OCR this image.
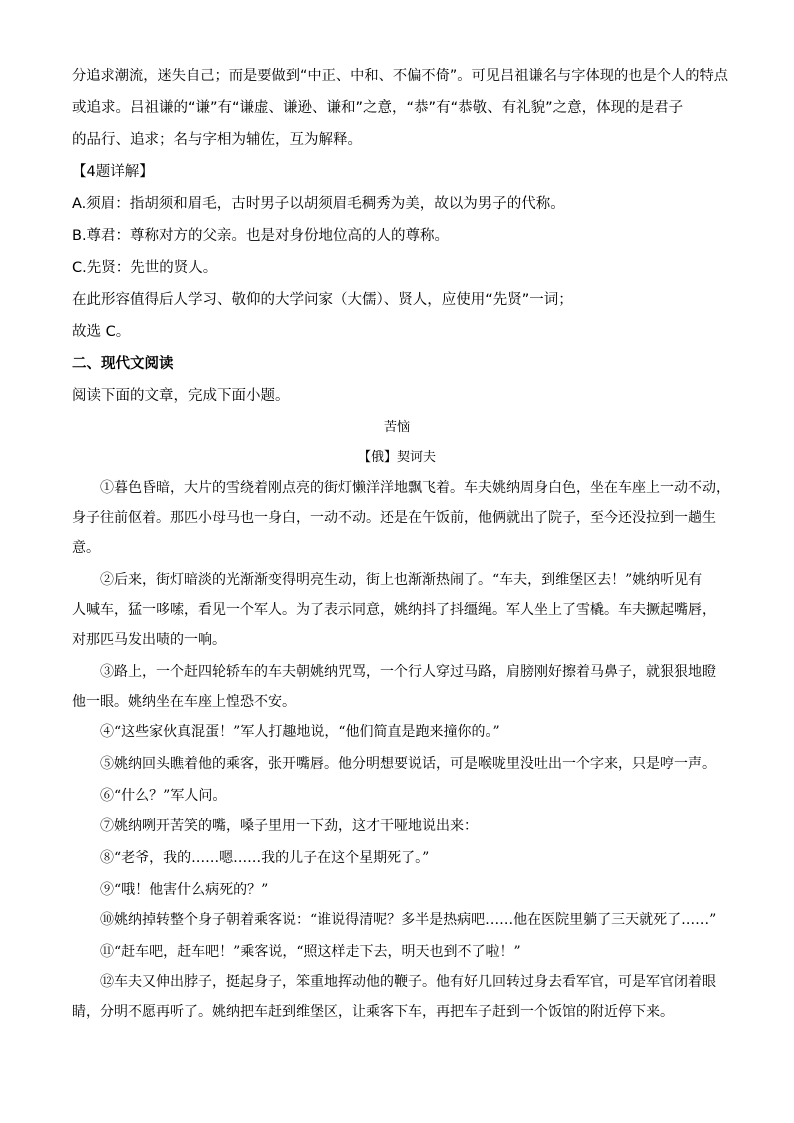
分追求潮流，迷失自己；而是要做到“中正、中和、不偏不倚”。可见吕祖谦名与字体现的也是个人的特点
或追求。吕祖谦的“谦”有“谦虚、谦逊、谦和”之意，“恭”有“恭敬、有礼貌”之意，体现的是君子
的品行、追求；名与字相为辅佐，互为解释。
【4题详解】
A.须眉：指胡须和眉毛，古时男子以胡须眉毛稠秀为美，故以为男子的代称。
B.尊君：尊称对方的父亲。也是对身份地位高的人的尊称。
C.先贤：先世的贤人。
在此形容值得后人学习、敬仰的大学问家（大儒）、贤人，应使用“先贤”一词；
故选 C。
二、现代文阅读
阅读下面的文章，完成下面小题。
苦恼
【俄】契诃夫
①暮色昏暗，大片的雪绕着刚点亮的街灯懒洋洋地飘飞着。车夫姚纳周身白色，坐在车座上一动不动，
身子往前伛着。那匹小母马也一身白，一动不动。还是在午饭前，他俩就出了院子，至今还没拉到一趟生
意。
②后来，街灯暗淡的光渐渐变得明亮生动，街上也渐渐热闹了。“车夫，到维堡区去！”姚纳听见有
人喊车，猛一哆嗦，看见一个军人。为了表示同意，姚纳抖了抖缰绳。军人坐上了雪橇。车夫撅起嘴唇，
对那匹马发出啧的一响。
③路上，一个赶四轮轿车的车夫朝姚纳咒骂，一个行人穿过马路，肩膀刚好擦着马鼻子，就狠狠地瞪
他一眼。姚纳坐在车座上惶恐不安。
④“这些家伙真混蛋！”军人打趣地说，“他们简直是跑来撞你的。”
⑤姚纳回头瞧着他的乘客，张开嘴唇。他分明想要说话，可是喉咙里没吐出一个字来，只是哼一声。
⑥“什么？”军人问。
⑦姚纳咧开苦笑的嘴，嗓子里用一下劲，这才干哑地说出来：
⑧“老爷，我的……嗯……我的儿子在这个星期死了。”
⑨“哦！他害什么病死的？”
⑩姚纳掉转整个身子朝着乘客说：“谁说得清呢？多半是热病吧……他在医院里躺了三天就死了……”
⑪“赶车吧，赶车吧！”乘客说，“照这样走下去，明天也到不了啦！”
⑫车夫又伸出脖子，挺起身子，笨重地挥动他的鞭子。他有好几回转过身去看军官，可是军官闭着眼
睛，分明不愿再听了。姚纳把车赶到维堡区，让乘客下车，再把车子赶到一个饭馆的附近停下来。
